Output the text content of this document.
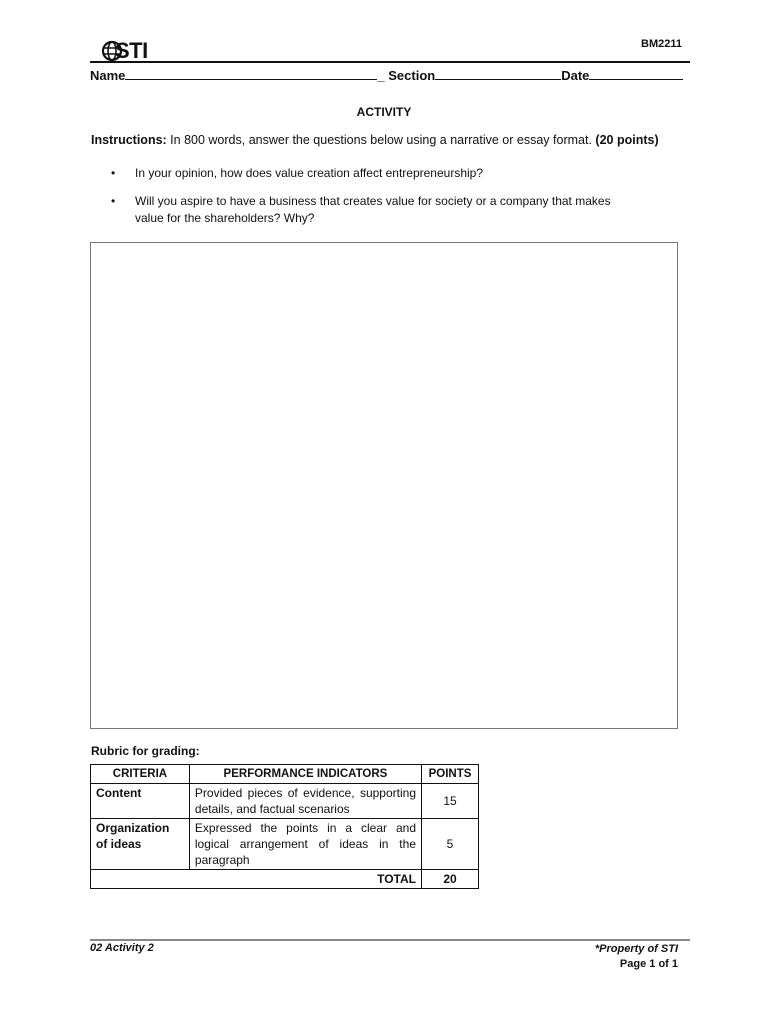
STI	BM2211
Name	_ Section	Date
ACTIVITY
Instructions: In 800 words, answer the questions below using a narrative or essay format. (20 points)
• In your opinion, how does value creation affect entrepreneurship?
• Will you aspire to have a business that creates value for society or a company that makes value for the shareholders? Why?
Rubric for grading:
CRITERIA	PERFORMANCE INDICATORS	POINTS
Content	Provided pieces of evidence, supporting details, and factual scenarios	15
Organization of ideas	Expressed the points in a clear and logical arrangement of ideas in the paragraph	5
TOTAL		20
02 Activity 2	*Property of STI
Page 1 of 1
